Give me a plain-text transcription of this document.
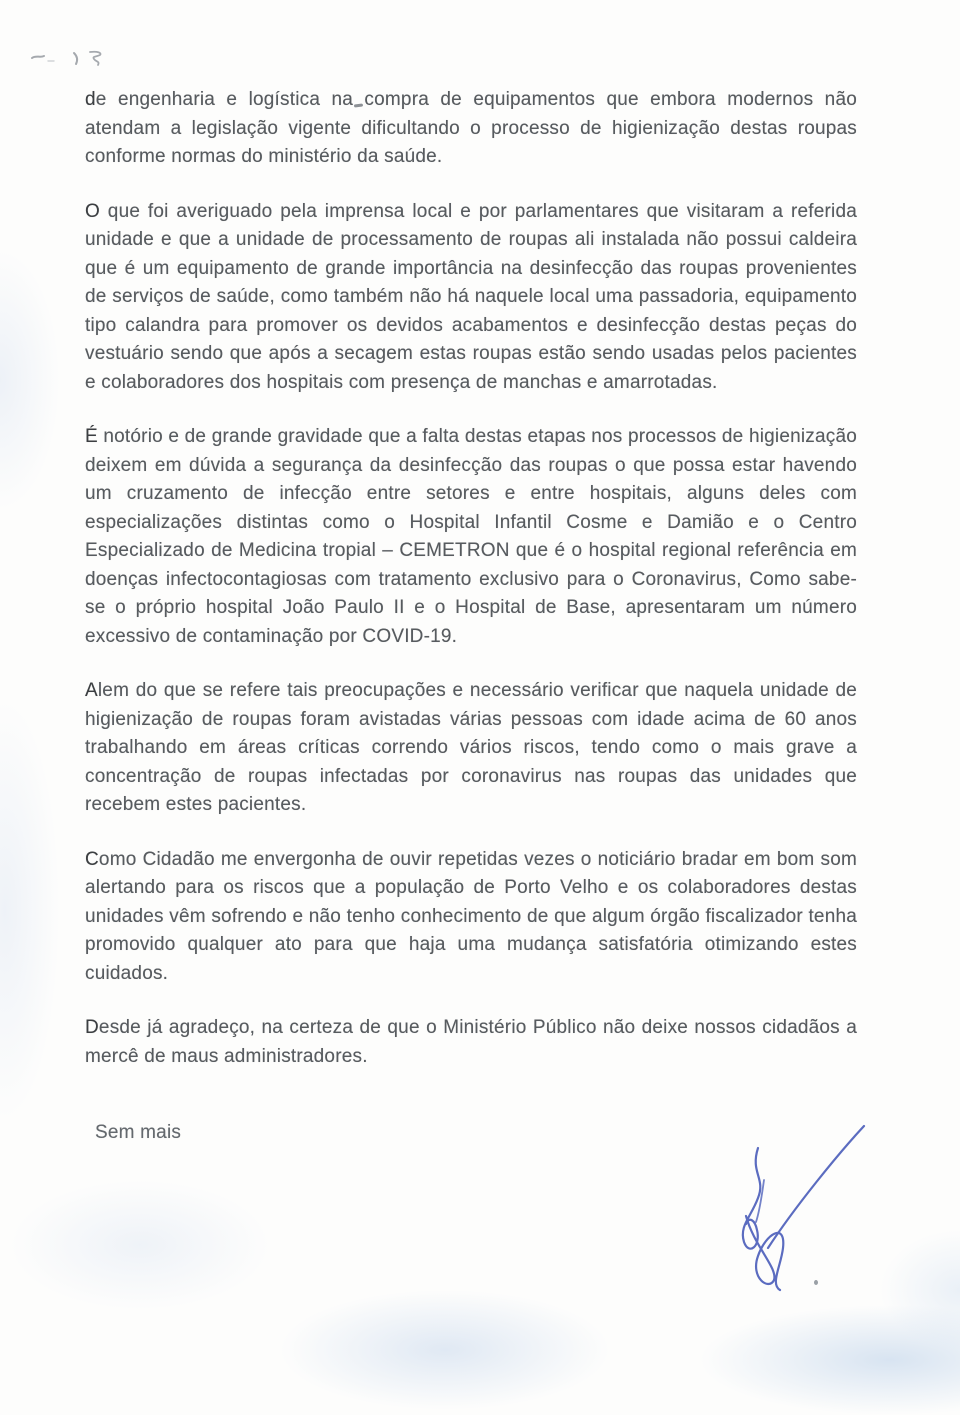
de engenharia e logística na compra de equipamentos que embora modernos não atendam a legislação vigente dificultando o processo de higienização destas roupas conforme normas do ministério da saúde.

O que foi averiguado pela imprensa local e por parlamentares que visitaram a referida unidade e que a unidade de processamento de roupas ali instalada não possui caldeira que é um equipamento de grande importância na desinfecção das roupas provenientes de serviços de saúde, como também não há naquele local uma passadoria, equipamento tipo calandra para promover os devidos acabamentos e desinfecção destas peças do vestuário sendo que após a secagem estas roupas estão sendo usadas pelos pacientes e colaboradores dos hospitais com presença de manchas e amarrotadas.

É notório e de grande gravidade que a falta destas etapas nos processos de higienização deixem em dúvida a segurança da desinfecção das roupas o que possa estar havendo um cruzamento de infecção entre setores e entre hospitais, alguns deles com especializações distintas como o Hospital Infantil Cosme e Damião e o Centro Especializado de Medicina tropial – CEMETRON que é o hospital regional referência em doenças infectocontagiosas com tratamento exclusivo para o Coronavirus, Como sabe-se o próprio hospital João Paulo II e o Hospital de Base, apresentaram um número excessivo de contaminação por COVID-19.

Alem do que se refere tais preocupações e necessário verificar que naquela unidade de higienização de roupas foram avistadas várias pessoas com idade acima de 60 anos trabalhando em áreas críticas correndo vários riscos, tendo como o mais grave a concentração de roupas infectadas por coronavirus nas roupas das unidades que recebem estes pacientes.

Como Cidadão me envergonha de ouvir repetidas vezes o noticiário bradar em bom som alertando para os riscos que a população de Porto Velho e os colaboradores destas unidades vêm sofrendo e não tenho conhecimento de que algum órgão fiscalizador tenha promovido qualquer ato para que haja uma mudança satisfatória otimizando estes cuidados.

Desde já agradeço, na certeza de que o Ministério Público não deixe nossos cidadãos a mercê de maus administradores.

Sem mais
